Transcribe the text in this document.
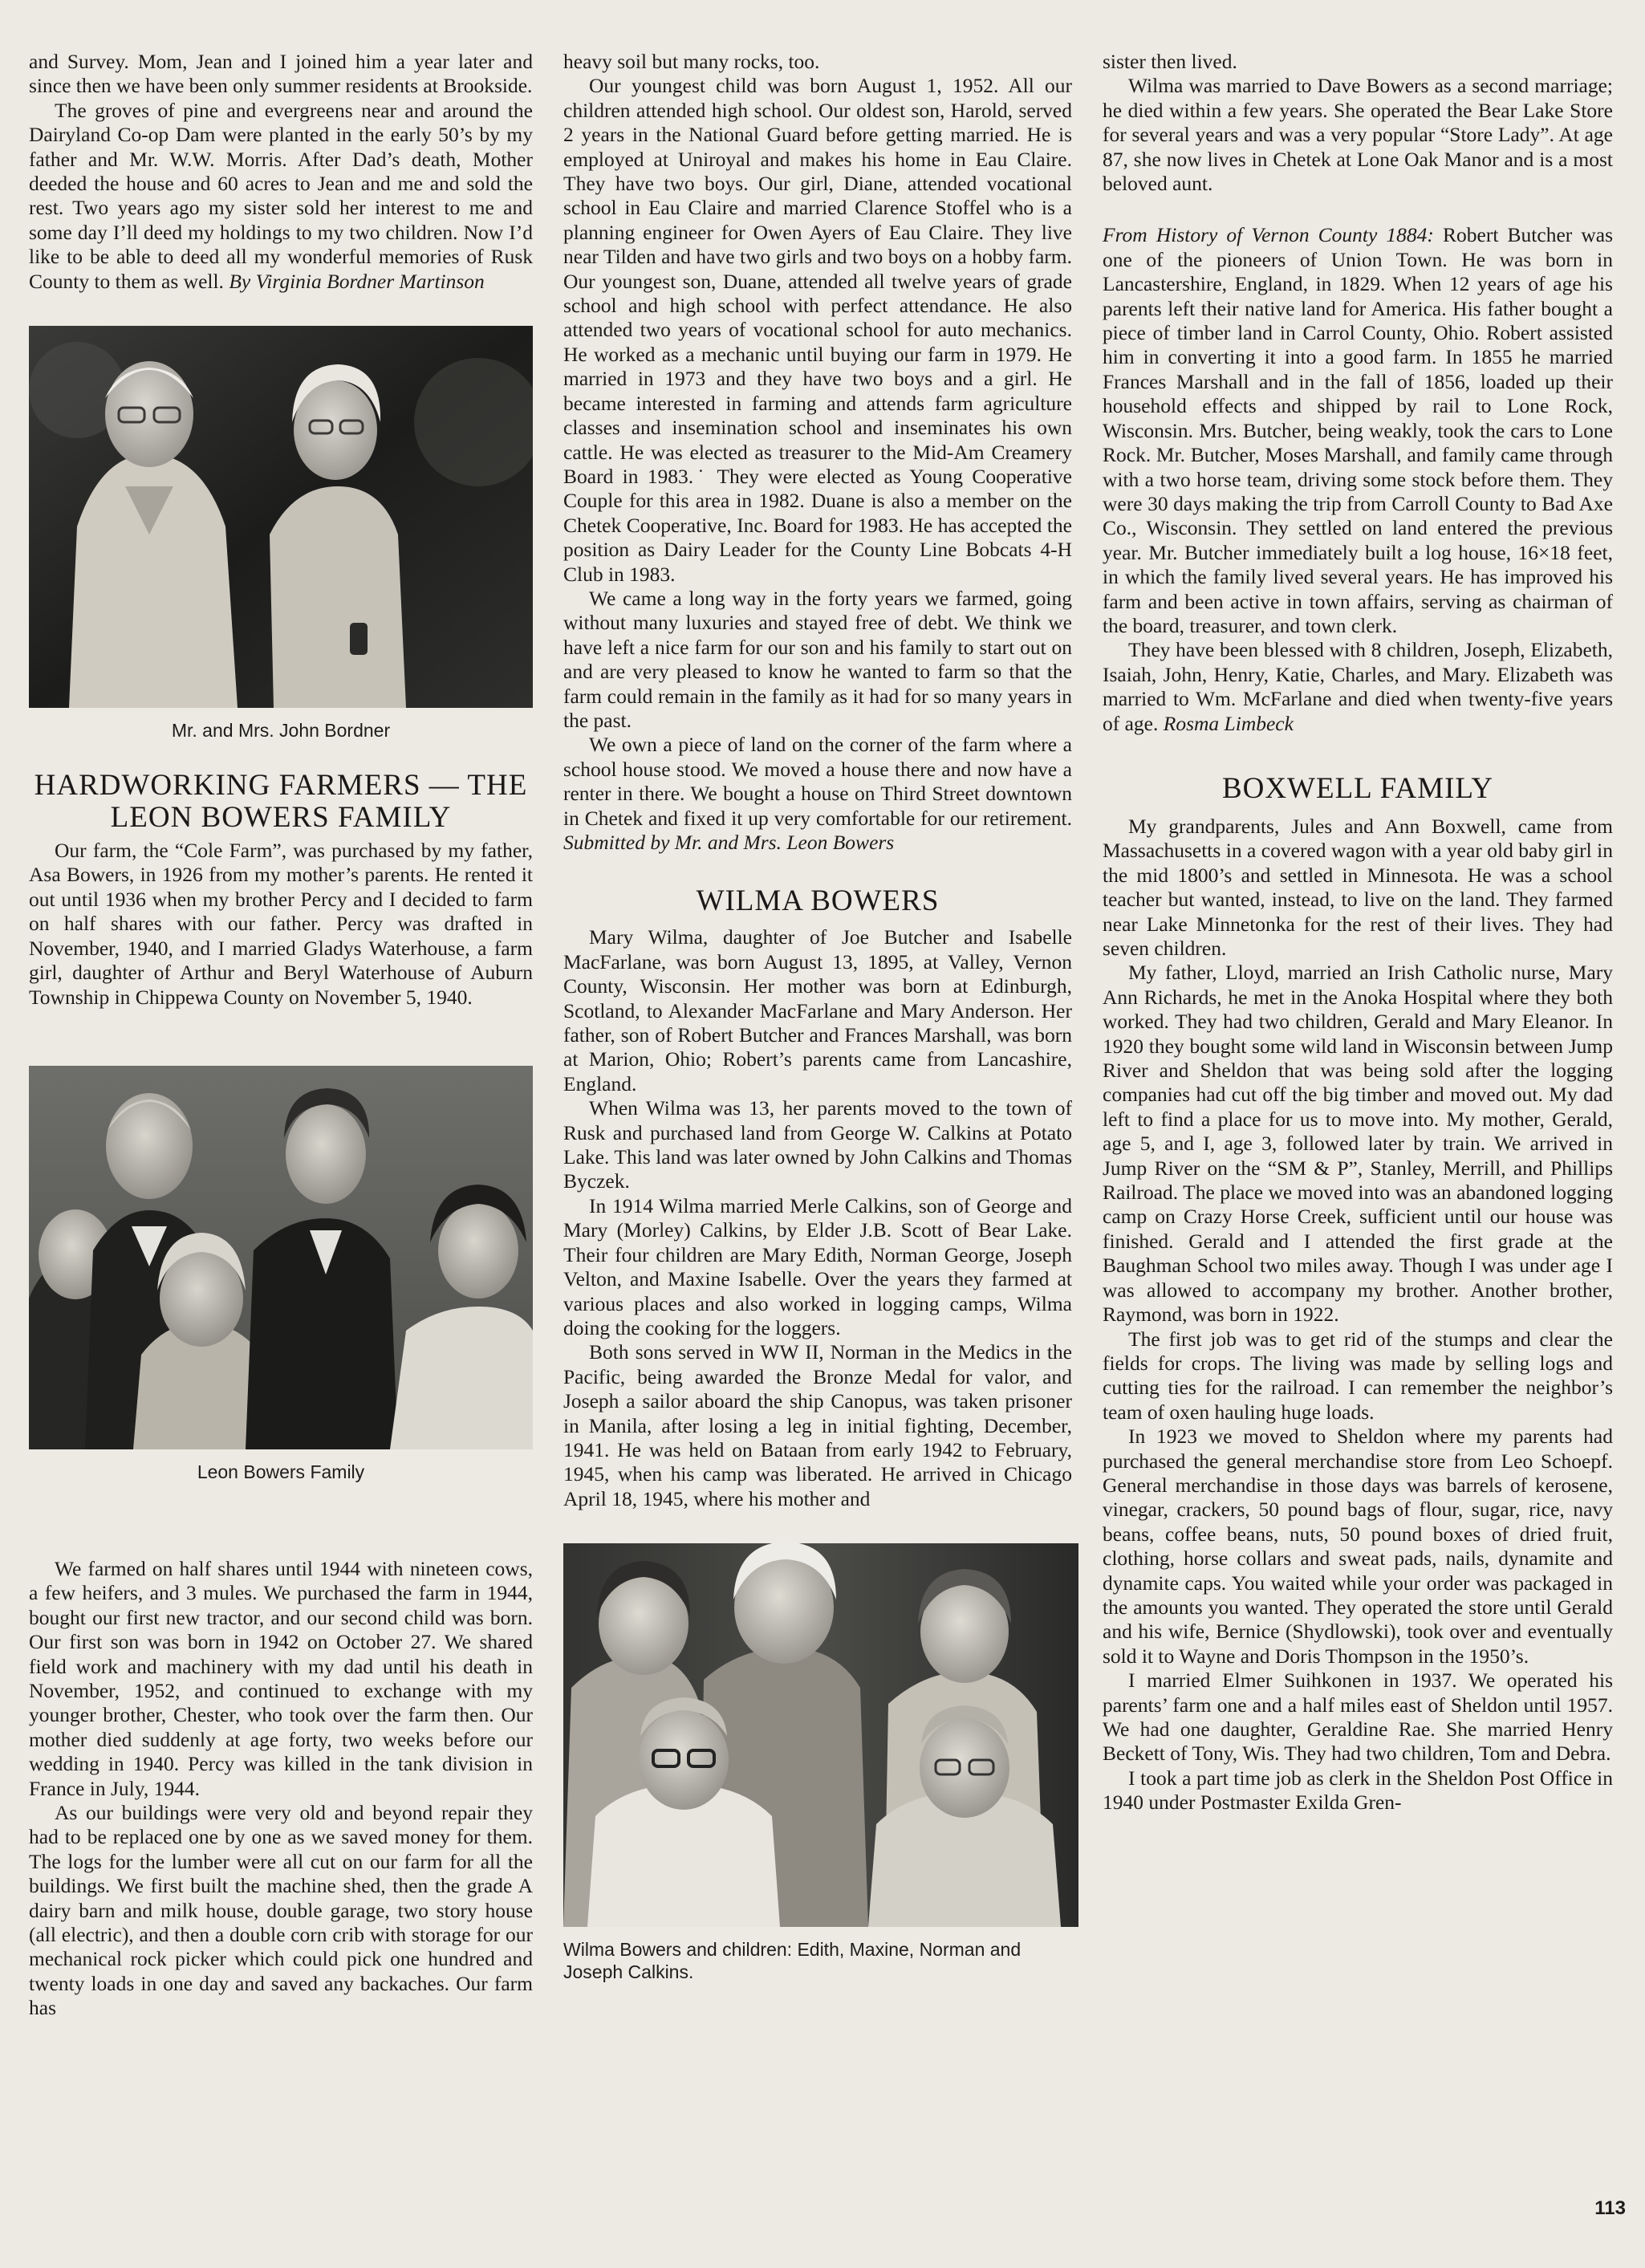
and Survey. Mom, Jean and I joined him a year later and since then we have been only summer residents at Brookside.

The groves of pine and evergreens near and around the Dairyland Co-op Dam were planted in the early 50’s by my father and Mr. W.W. Morris. After Dad’s death, Mother deeded the house and 60 acres to Jean and me and sold the rest. Two years ago my sister sold her interest to me and some day I’ll deed my holdings to my two children. Now I’d like to be able to deed all my wonderful memories of Rusk County to them as well. By Virginia Bordner Martinson

Mr. and Mrs. John Bordner
HARDWORKING FARMERS — THE LEON BOWERS FAMILY

Our farm, the “Cole Farm”, was purchased by my father, Asa Bowers, in 1926 from my mother’s parents. He rented it out until 1936 when my brother Percy and I decided to farm on half shares with our father. Percy was drafted in November, 1940, and I married Gladys Waterhouse, a farm girl, daughter of Arthur and Beryl Waterhouse of Auburn Township in Chippewa County on November 5, 1940.

Leon Bowers Family

We farmed on half shares until 1944 with nineteen cows, a few heifers, and 3 mules. We purchased the farm in 1944, bought our first new tractor, and our second child was born. Our first son was born in 1942 on October 27. We shared field work and machinery with my dad until his death in November, 1952, and continued to exchange with my younger brother, Chester, who took over the farm then. Our mother died suddenly at age forty, two weeks before our wedding in 1940. Percy was killed in the tank division in France in July, 1944.

As our buildings were very old and beyond repair they had to be replaced one by one as we saved money for them. The logs for the lumber were all cut on our farm for all the buildings. We first built the machine shed, then the grade A dairy barn and milk house, double garage, two story house (all electric), and then a double corn crib with storage for our mechanical rock picker which could pick one hundred and twenty loads in one day and saved any backaches. Our farm has

heavy soil but many rocks, too.

Our youngest child was born August 1, 1952. All our children attended high school. Our oldest son, Harold, served 2 years in the National Guard before getting married. He is employed at Uniroyal and makes his home in Eau Claire. They have two boys. Our girl, Diane, attended vocational school in Eau Claire and married Clarence Stoffel who is a planning engineer for Owen Ayers of Eau Claire. They live near Tilden and have two girls and two boys on a hobby farm. Our youngest son, Duane, attended all twelve years of grade school and high school with perfect attendance. He also attended two years of vocational school for auto mechanics. He worked as a mechanic until buying our farm in 1979. He married in 1973 and they have two boys and a girl. He became interested in farming and attends farm agriculture classes and insemination school and inseminates his own cattle. He was elected as treasurer to the Mid-Am Creamery Board in 1983.˙ They were elected as Young Cooperative Couple for this area in 1982. Duane is also a member on the Chetek Cooperative, Inc. Board for 1983. He has accepted the position as Dairy Leader for the County Line Bobcats 4-H Club in 1983.

We came a long way in the forty years we farmed, going without many luxuries and stayed free of debt. We think we have left a nice farm for our son and his family to start out on and are very pleased to know he wanted to farm so that the farm could remain in the family as it had for so many years in the past.

We own a piece of land on the corner of the farm where a school house stood. We moved a house there and now have a renter in there. We bought a house on Third Street downtown in Chetek and fixed it up very comfortable for our retirement. Submitted by Mr. and Mrs. Leon Bowers

WILMA BOWERS

Mary Wilma, daughter of Joe Butcher and Isabelle MacFarlane, was born August 13, 1895, at Valley, Vernon County, Wisconsin. Her mother was born at Edinburgh, Scotland, to Alexander MacFarlane and Mary Anderson. Her father, son of Robert Butcher and Frances Marshall, was born at Marion, Ohio; Robert’s parents came from Lancashire, England.

When Wilma was 13, her parents moved to the town of Rusk and purchased land from George W. Calkins at Potato Lake. This land was later owned by John Calkins and Thomas Byczek.

In 1914 Wilma married Merle Calkins, son of George and Mary (Morley) Calkins, by Elder J.B. Scott of Bear Lake. Their four children are Mary Edith, Norman George, Joseph Velton, and Maxine Isabelle. Over the years they farmed at various places and also worked in logging camps, Wilma doing the cooking for the loggers.

Both sons served in WW II, Norman in the Medics in the Pacific, being awarded the Bronze Medal for valor, and Joseph a sailor aboard the ship Canopus, was taken prisoner in Manila, after losing a leg in initial fighting, December, 1941. He was held on Bataan from early 1942 to February, 1945, when his camp was liberated. He arrived in Chicago April 18, 1945, where his mother and

Wilma Bowers and children: Edith, Maxine, Norman and Joseph Calkins.

sister then lived.

Wilma was married to Dave Bowers as a second marriage; he died within a few years. She operated the Bear Lake Store for several years and was a very popular “Store Lady”. At age 87, she now lives in Chetek at Lone Oak Manor and is a most beloved aunt.

From History of Vernon County 1884: Robert Butcher was one of the pioneers of Union Town. He was born in Lancastershire, England, in 1829. When 12 years of age his parents left their native land for America. His father bought a piece of timber land in Carrol County, Ohio. Robert assisted him in converting it into a good farm. In 1855 he married Frances Marshall and in the fall of 1856, loaded up their household effects and shipped by rail to Lone Rock, Wisconsin. Mrs. Butcher, being weakly, took the cars to Lone Rock. Mr. Butcher, Moses Marshall, and family came through with a two horse team, driving some stock before them. They were 30 days making the trip from Carroll County to Bad Axe Co., Wisconsin. They settled on land entered the previous year. Mr. Butcher immediately built a log house, 16×18 feet, in which the family lived several years. He has improved his farm and been active in town affairs, serving as chairman of the board, treasurer, and town clerk.

They have been blessed with 8 children, Joseph, Elizabeth, Isaiah, John, Henry, Katie, Charles, and Mary. Elizabeth was married to Wm. McFarlane and died when twenty-five years of age. Rosma Limbeck

BOXWELL FAMILY

My grandparents, Jules and Ann Boxwell, came from Massachusetts in a covered wagon with a year old baby girl in the mid 1800’s and settled in Minnesota. He was a school teacher but wanted, instead, to live on the land. They farmed near Lake Minnetonka for the rest of their lives. They had seven children.

My father, Lloyd, married an Irish Catholic nurse, Mary Ann Richards, he met in the Anoka Hospital where they both worked. They had two children, Gerald and Mary Eleanor. In 1920 they bought some wild land in Wisconsin between Jump River and Sheldon that was being sold after the logging companies had cut off the big timber and moved out. My dad left to find a place for us to move into. My mother, Gerald, age 5, and I, age 3, followed later by train. We arrived in Jump River on the “SM & P”, Stanley, Merrill, and Phillips Railroad. The place we moved into was an abandoned logging camp on Crazy Horse Creek, sufficient until our house was finished. Gerald and I attended the first grade at the Baughman School two miles away. Though I was under age I was allowed to accompany my brother. Another brother, Raymond, was born in 1922.

The first job was to get rid of the stumps and clear the fields for crops. The living was made by selling logs and cutting ties for the railroad. I can remember the neighbor’s team of oxen hauling huge loads.

In 1923 we moved to Sheldon where my parents had purchased the general merchandise store from Leo Schoepf. General merchandise in those days was barrels of kerosene, vinegar, crackers, 50 pound bags of flour, sugar, rice, navy beans, coffee beans, nuts, 50 pound boxes of dried fruit, clothing, horse collars and sweat pads, nails, dynamite and dynamite caps. You waited while your order was packaged in the amounts you wanted. They operated the store until Gerald and his wife, Bernice (Shydlowski), took over and eventually sold it to Wayne and Doris Thompson in the 1950’s.

I married Elmer Suihkonen in 1937. We operated his parents’ farm one and a half miles east of Sheldon until 1957. We had one daughter, Geraldine Rae. She married Henry Beckett of Tony, Wis. They had two children, Tom and Debra.

I took a part time job as clerk in the Sheldon Post Office in 1940 under Postmaster Exilda Gren-

113
